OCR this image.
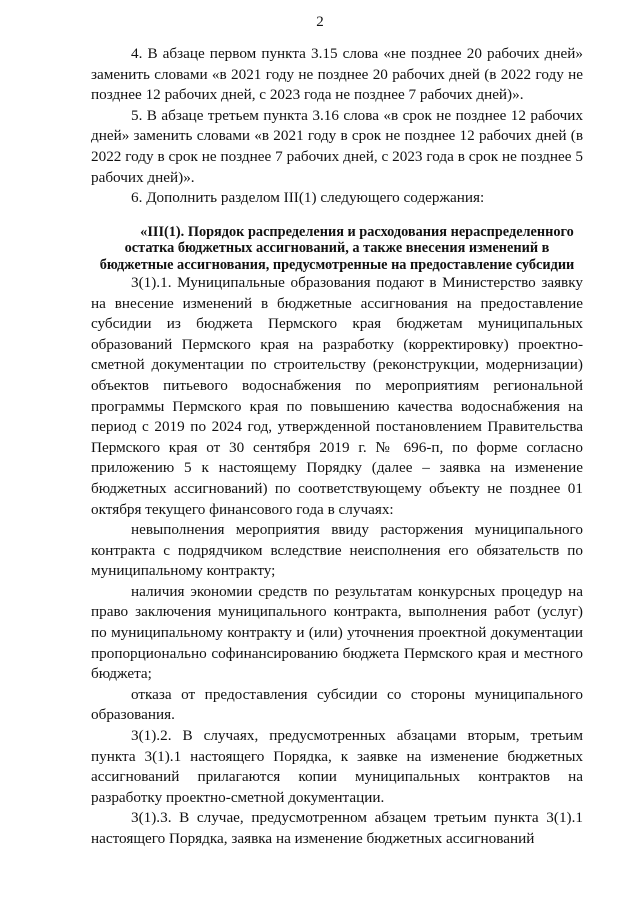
2

4. В абзаце первом пункта 3.15 слова «не позднее 20 рабочих дней» заменить словами «в 2021 году не позднее 20 рабочих дней (в 2022 году не позднее 12 рабочих дней, с 2023 года не позднее 7 рабочих дней)».

5. В абзаце третьем пункта 3.16 слова «в срок не позднее 12 рабочих дней» заменить словами «в 2021 году в срок не позднее 12 рабочих дней (в 2022 году в срок не позднее 7 рабочих дней, с 2023 года в срок не позднее 5 рабочих дней)».

6. Дополнить разделом III(1) следующего содержания:

«III(1). Порядок распределения и расходования нераспределенного остатка бюджетных ассигнований, а также внесения изменений в бюджетные ассигнования, предусмотренные на предоставление субсидии

3(1).1. Муниципальные образования подают в Министерство заявку на внесение изменений в бюджетные ассигнования на предоставление субсидии из бюджета Пермского края бюджетам муниципальных образований Пермского края на разработку (корректировку) проектно-сметной документации по строительству (реконструкции, модернизации) объектов питьевого водоснабжения по мероприятиям региональной программы Пермского края по повышению качества водоснабжения на период с 2019 по 2024 год, утвержденной постановлением Правительства Пермского края от 30 сентября 2019 г. № 696-п, по форме согласно приложению 5 к настоящему Порядку (далее – заявка на изменение бюджетных ассигнований) по соответствующему объекту не позднее 01 октября текущего финансового года в случаях:

невыполнения мероприятия ввиду расторжения муниципального контракта с подрядчиком вследствие неисполнения его обязательств по муниципальному контракту;

наличия экономии средств по результатам конкурсных процедур на право заключения муниципального контракта, выполнения работ (услуг) по муниципальному контракту и (или) уточнения проектной документации пропорционально софинансированию бюджета Пермского края и местного бюджета;

отказа от предоставления субсидии со стороны муниципального образования.

3(1).2. В случаях, предусмотренных абзацами вторым, третьим пункта 3(1).1 настоящего Порядка, к заявке на изменение бюджетных ассигнований прилагаются копии муниципальных контрактов на разработку проектно-сметной документации.

3(1).3. В случае, предусмотренном абзацем третьим пункта 3(1).1 настоящего Порядка, заявка на изменение бюджетных ассигнований
